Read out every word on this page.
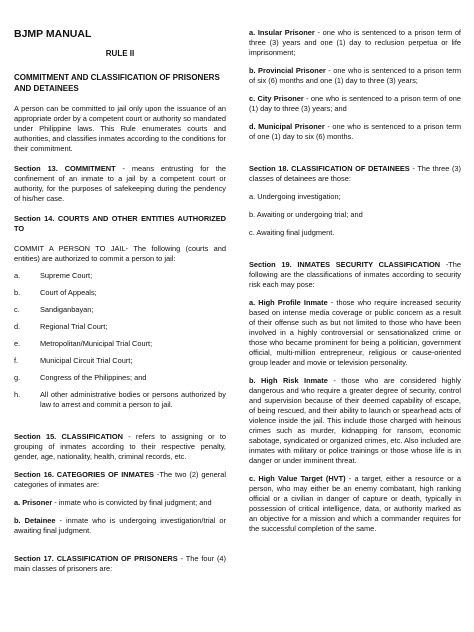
BJMP MANUAL
RULE II
COMMITMENT AND CLASSIFICATION OF PRISONERS AND DETAINEES

A person can be committed to jail only upon the issuance of an appropriate order by a competent court or authority so mandated under Philippine laws. This Rule enumerates courts and authorities, and classifies inmates according to the conditions for their commitment.

Section 13. COMMITMENT - means entrusting for the confinement of an inmate to a jail by a competent court or authority, for the purposes of safekeeping during the pendency of his/her case.

Section 14. COURTS AND OTHER ENTITIES AUTHORIZED TO

COMMIT A PERSON TO JAIL- The following (courts and entities) are authorized to commit a person to jail:

a.	Supreme Court;
b.	Court of Appeals;
c.	Sandiganbayan;
d.	Regional Trial Court;
e.	Metropolitan/Municipal Trial Court;
f.	Municipal Circuit Trial Court;
g.	Congress of the Philippines; and
h.	All other administrative bodies or persons authorized by law to arrest and commit a person to jail.

Section 15. CLASSIFICATION - refers to assigning or to grouping of inmates according to their respective penalty, gender, age, nationality, health, criminal records, etc.

Section 16. CATEGORIES OF INMATES -The two (2) general categories of inmates are:

a. Prisoner - inmate who is convicted by final judgment; and

b. Detainee - inmate who is undergoing investigation/trial or awaiting final judgment.

Section 17. CLASSIFICATION OF PRISONERS - The four (4) main classes of prisoners are:

a. Insular Prisoner - one who is sentenced to a prison term of three (3) years and one (1) day to reclusion perpetua or life imprisonment;

b. Provincial Prisoner - one who is sentenced to a prison term of six (6) months and one (1) day to three (3) years;

c. City Prisoner - one who is sentenced to a prison term of one (1) day to three (3) years; and

d. Municipal Prisoner - one who is sentenced to a prison term of one (1) day to six (6) months.

Section 18. CLASSIFICATION OF DETAINEES - The three (3) classes of detainees are those:

a. Undergoing investigation;

b. Awaiting or undergoing trial; and

c. Awaiting final judgment.

Section 19. INMATES SECURITY CLASSIFICATION -The following are the classifications of inmates according to security risk each may pose:

a. High Profile Inmate - those who require increased security based on intense media coverage or public concern as a result of their offense such as but not limited to those who have been involved in a highly controversial or sensationalized crime or those who became prominent for being a politician, government official, multi-million entrepreneur, religious or cause-oriented group leader and movie or television personality.

b. High Risk Inmate - those who are considered highly dangerous and who require a greater degree of security, control and supervision because of their deemed capability of escape, of being rescued, and their ability to launch or spearhead acts of violence inside the jail. This include those charged with heinous crimes such as murder, kidnapping for ransom, economic sabotage, syndicated or organized crimes, etc. Also included are inmates with military or police trainings or those whose life is in danger or under imminent threat.

c. High Value Target (HVT) - a target, either a resource or a person, who may either be an enemy combatant, high ranking official or a civilian in danger of capture or death, typically in possession of critical intelligence, data, or authority marked as an objective for a mission and which a commander requires for the successful completion of the same.
